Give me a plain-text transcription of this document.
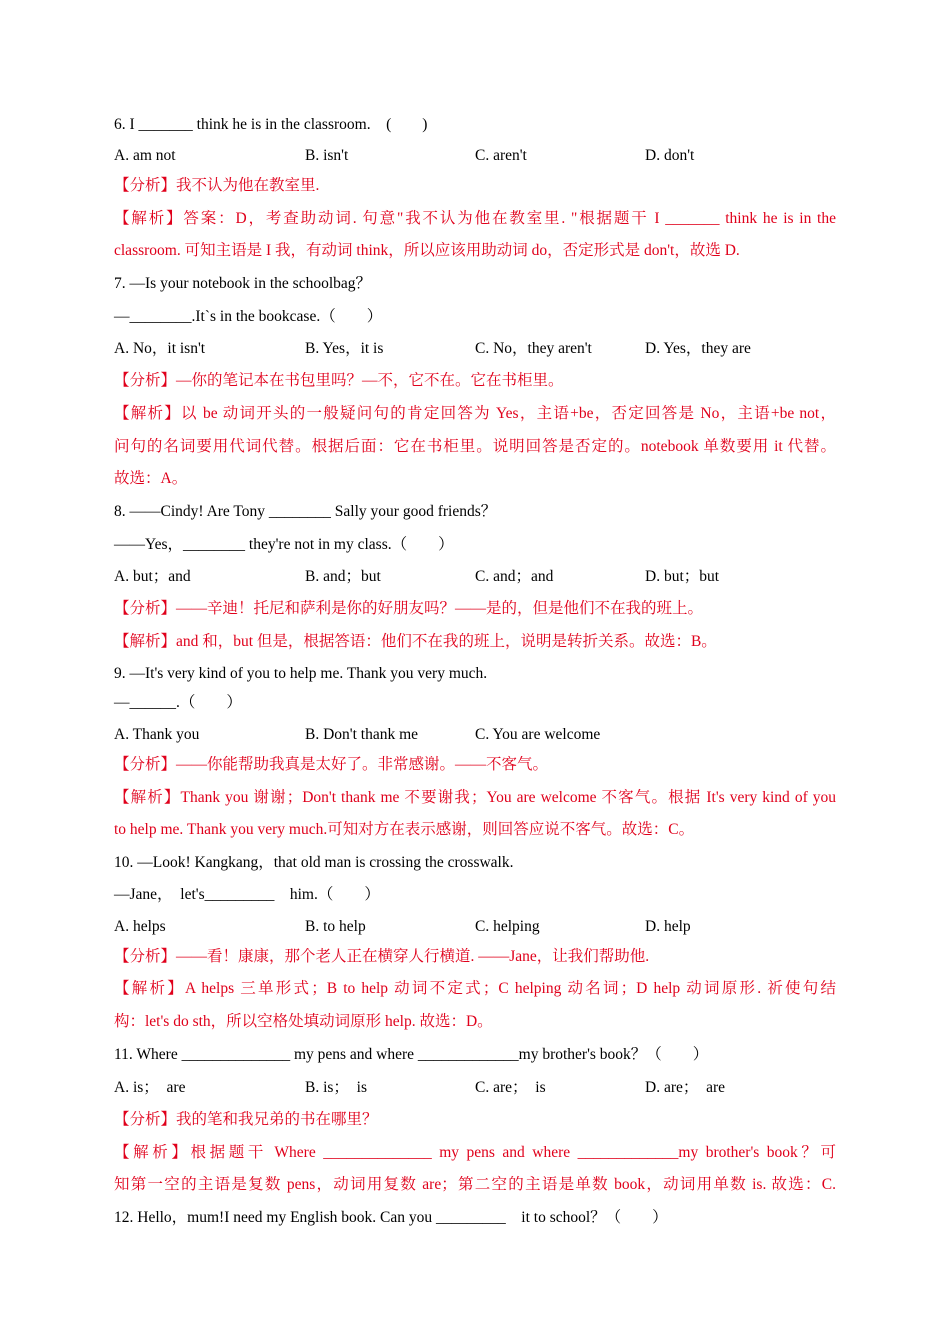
6. I _______ think he is in the classroom.　(　　)
A. am not	B. isn't	C. aren't	D. don't
【分析】我不认为他在教室里.
【解析】答案：D，考查助动词. 句意"我不认为他在教室里. "根据题干 I _______ think he is in the
classroom. 可知主语是 I 我，有动词 think，所以应该用助动词 do，否定形式是 don't，故选 D.
7. —Is your notebook in the schoolbag？
—________.It`s in the bookcase.（　　）
A. No，it isn't	B. Yes，it is	C. No，they aren't	D. Yes，they are
【分析】—你的笔记本在书包里吗？—不，它不在。它在书柜里。
【解析】以 be 动词开头的一般疑问句的肯定回答为 Yes，主语+be，否定回答是 No，主语+be not，
问句的名词要用代词代替。根据后面：它在书柜里。说明回答是否定的。notebook 单数要用 it 代替。
故选：A。
8. ——Cindy! Are Tony ________ Sally your good friends？
——Yes，________ they're not in my class.（　　）
A. but；and	B. and；but	C. and；and	D. but；but
【分析】——辛迪！托尼和萨利是你的好朋友吗？——是的，但是他们不在我的班上。
【解析】and 和，but 但是，根据答语：他们不在我的班上，说明是转折关系。故选：B。
9. —It's very kind of you to help me. Thank you very much.
—______.（　　）
A. Thank you	B. Don't thank me	C. You are welcome
【分析】——你能帮助我真是太好了。非常感谢。——不客气。
【解析】Thank you 谢谢；Don't thank me 不要谢我；You are welcome 不客气。根据 It's very kind of you
to help me. Thank you very much.可知对方在表示感谢，则回答应说不客气。故选：C。
10. —Look! Kangkang，that old man is crossing the crosswalk.
—Jane，　let's_________　him.（　　）
A. helps	B. to help	C. helping	D. help
【分析】——看！康康，那个老人正在横穿人行横道. ——Jane，让我们帮助他.
【解析】A helps 三单形式；B to help 动词不定式；C helping 动名词；D help 动词原形. 祈使句结
构：let's do sth，所以空格处填动词原形 help. 故选：D。
11. Where ______________ my pens and where _____________my brother's book？（　　）
A. is；　are	B. is；　is	C. are；　is	D. are；　are
【分析】我的笔和我兄弟的书在哪里？
【解析】根据题干 Where ______________ my pens and where _____________my brother's book？可
知第一空的主语是复数 pens，动词用复数 are；第二空的主语是单数 book，动词用单数 is. 故选：C.
12. Hello，mum!I need my English book. Can you _________　it to school？（　　）
